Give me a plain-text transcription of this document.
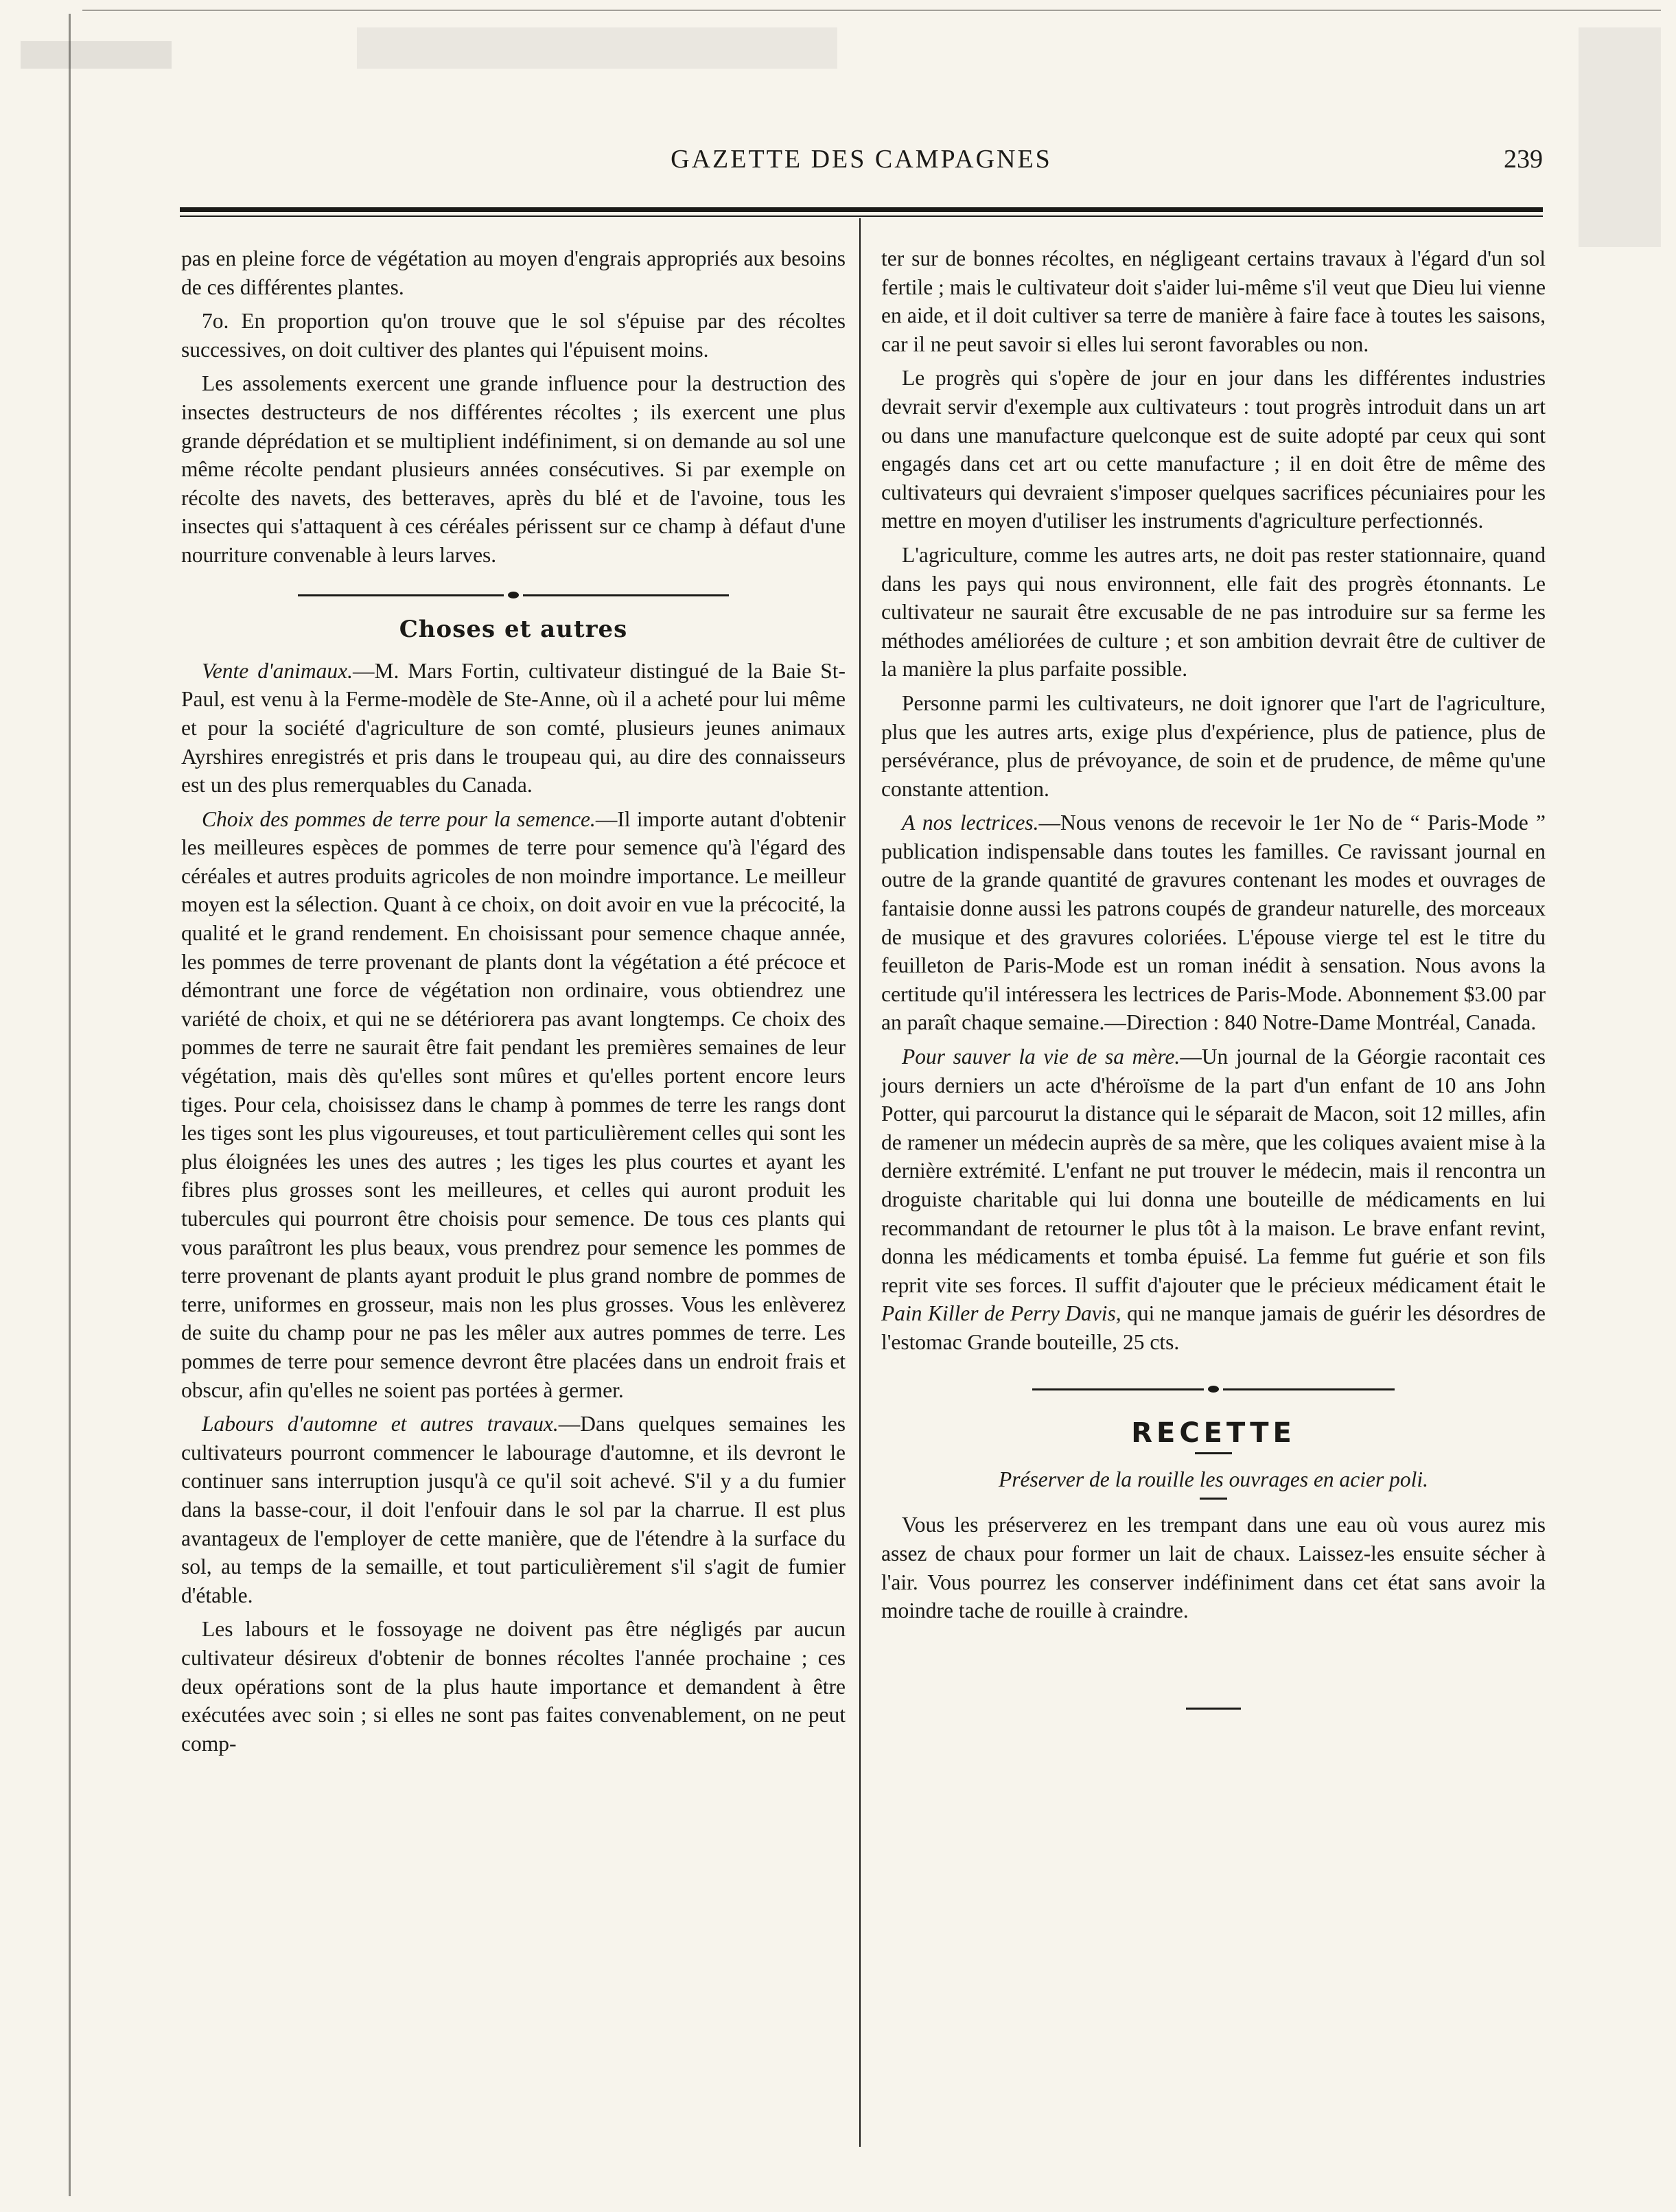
GAZETTE DES CAMPAGNES	239

pas en pleine force de végétation au moyen d'engrais appropriés aux besoins de ces différentes plantes.

7o. En proportion qu'on trouve que le sol s'épuise par des récoltes successives, on doit cultiver des plantes qui l'épuisent moins.

Les assolements exercent une grande influence pour la destruction des insectes destructeurs de nos différentes récoltes ; ils exercent une plus grande déprédation et se multiplient indéfiniment, si on demande au sol une même récolte pendant plusieurs années consécutives. Si par exemple on récolte des navets, des betteraves, après du blé et de l'avoine, tous les insectes qui s'attaquent à ces céréales périssent sur ce champ à défaut d'une nourriture convenable à leurs larves.

Choses et autres

Vente d'animaux.—M. Mars Fortin, cultivateur distingué de la Baie St-Paul, est venu à la Ferme-modèle de Ste-Anne, où il a acheté pour lui même et pour la société d'agriculture de son comté, plusieurs jeunes animaux Ayrshires enregistrés et pris dans le troupeau qui, au dire des connaisseurs est un des plus remerquables du Canada.

Choix des pommes de terre pour la semence.—Il importe autant d'obtenir les meilleures espèces de pommes de terre pour semence qu'à l'égard des céréales et autres produits agricoles de non moindre importance. Le meilleur moyen est la sélection. Quant à ce choix, on doit avoir en vue la précocité, la qualité et le grand rendement. En choisissant pour semence chaque année, les pommes de terre provenant de plants dont la végétation a été précoce et démontrant une force de végétation non ordinaire, vous obtiendrez une variété de choix, et qui ne se détériorera pas avant longtemps. Ce choix des pommes de terre ne saurait être fait pendant les premières semaines de leur végétation, mais dès qu'elles sont mûres et qu'elles portent encore leurs tiges. Pour cela, choisissez dans le champ à pommes de terre les rangs dont les tiges sont les plus vigoureuses, et tout particulièrement celles qui sont les plus éloignées les unes des autres ; les tiges les plus courtes et ayant les fibres plus grosses sont les meilleures, et celles qui auront produit les tubercules qui pourront être choisis pour semence. De tous ces plants qui vous paraîtront les plus beaux, vous prendrez pour semence les pommes de terre provenant de plants ayant produit le plus grand nombre de pommes de terre, uniformes en grosseur, mais non les plus grosses. Vous les enlèverez de suite du champ pour ne pas les mêler aux autres pommes de terre. Les pommes de terre pour semence devront être placées dans un endroit frais et obscur, afin qu'elles ne soient pas portées à germer.

Labours d'automne et autres travaux.—Dans quelques semaines les cultivateurs pourront commencer le labourage d'automne, et ils devront le continuer sans interruption jusqu'à ce qu'il soit achevé. S'il y a du fumier dans la basse-cour, il doit l'enfouir dans le sol par la charrue. Il est plus avantageux de l'employer de cette manière, que de l'étendre à la surface du sol, au temps de la semaille, et tout particulièrement s'il s'agit de fumier d'étable.

Les labours et le fossoyage ne doivent pas être négligés par aucun cultivateur désireux d'obtenir de bonnes récoltes l'année prochaine ; ces deux opérations sont de la plus haute importance et demandent à être exécutées avec soin ; si elles ne sont pas faites convenablement, on ne peut comp-

ter sur de bonnes récoltes, en négligeant certains travaux à l'égard d'un sol fertile ; mais le cultivateur doit s'aider lui-même s'il veut que Dieu lui vienne en aide, et il doit cultiver sa terre de manière à faire face à toutes les saisons, car il ne peut savoir si elles lui seront favorables ou non.

Le progrès qui s'opère de jour en jour dans les différentes industries devrait servir d'exemple aux cultivateurs : tout progrès introduit dans un art ou dans une manufacture quelconque est de suite adopté par ceux qui sont engagés dans cet art ou cette manufacture ; il en doit être de même des cultivateurs qui devraient s'imposer quelques sacrifices pécuniaires pour les mettre en moyen d'utiliser les instruments d'agriculture perfectionnés.

L'agriculture, comme les autres arts, ne doit pas rester stationnaire, quand dans les pays qui nous environnent, elle fait des progrès étonnants. Le cultivateur ne saurait être excusable de ne pas introduire sur sa ferme les méthodes améliorées de culture ; et son ambition devrait être de cultiver de la manière la plus parfaite possible.

Personne parmi les cultivateurs, ne doit ignorer que l'art de l'agriculture, plus que les autres arts, exige plus d'expérience, plus de patience, plus de persévérance, plus de prévoyance, de soin et de prudence, de même qu'une constante attention.

A nos lectrices.—Nous venons de recevoir le 1er No de “ Paris-Mode ” publication indispensable dans toutes les familles. Ce ravissant journal en outre de la grande quantité de gravures contenant les modes et ouvrages de fantaisie donne aussi les patrons coupés de grandeur naturelle, des morceaux de musique et des gravures coloriées. L'épouse vierge tel est le titre du feuilleton de Paris-Mode est un roman inédit à sensation. Nous avons la certitude qu'il intéressera les lectrices de Paris-Mode. Abonnement $3.00 par an paraît chaque semaine.—Direction : 840 Notre-Dame Montréal, Canada.

Pour sauver la vie de sa mère.—Un journal de la Géorgie racontait ces jours derniers un acte d'héroïsme de la part d'un enfant de 10 ans John Potter, qui parcourut la distance qui le séparait de Macon, soit 12 milles, afin de ramener un médecin auprès de sa mère, que les coliques avaient mise à la dernière extrémité. L'enfant ne put trouver le médecin, mais il rencontra un droguiste charitable qui lui donna une bouteille de médicaments en lui recommandant de retourner le plus tôt à la maison. Le brave enfant revint, donna les médicaments et tomba épuisé. La femme fut guérie et son fils reprit vite ses forces. Il suffit d'ajouter que le précieux médicament était le Pain Killer de Perry Davis, qui ne manque jamais de guérir les désordres de l'estomac Grande bouteille, 25 cts.

RECETTE

Préserver de la rouille les ouvrages en acier poli.

Vous les préserverez en les trempant dans une eau où vous aurez mis assez de chaux pour former un lait de chaux. Laissez-les ensuite sécher à l'air. Vous pourrez les conserver indéfiniment dans cet état sans avoir la moindre tache de rouille à craindre.
